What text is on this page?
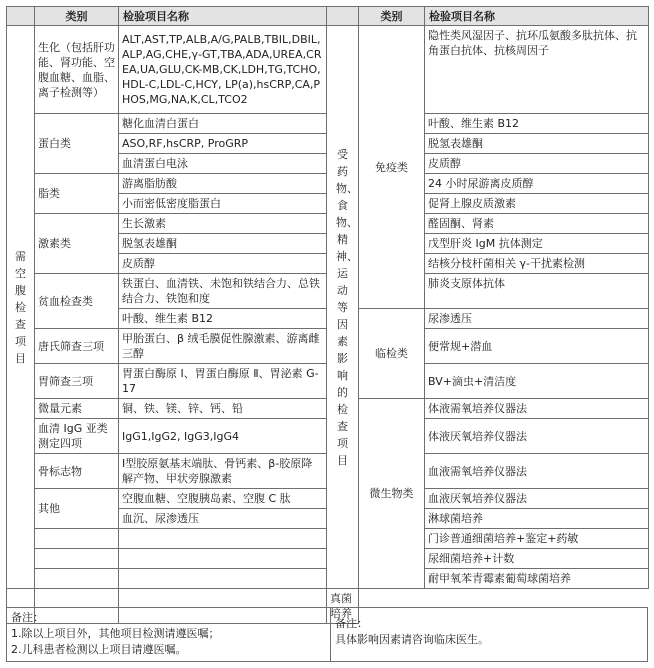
	类别	检验项目名称		类别	检验项目名称
需空腹检查项目	生化（包括肝功能、肾功能、空腹血糖、血脂、离子检测等）	ALT,AST,TP,ALB,A/G,PALB,TBIL,DBIL,ALP,AG,CHE,γ-GT,TBA,ADA,UREA,CREA,UA,GLU,CK-MB,CK,LDH,TG,TCHO,HDL-C,LDL-C,HCY, LP(a),hsCRP,CA,PHOS,MG,NA,K,CL,TCO2	受药物、食物、精神、运动等因素影响的检查项目	免疫类	隐性类风湿因子、抗环瓜氨酸多肽抗体、抗角蛋白抗体、抗核周因子
	蛋白类	糖化血清白蛋白			叶酸、维生素 B12
		ASO,RF,hsCRP, ProGRP			脱氢表雄酮
		血清蛋白电泳			皮质醇
	脂类	游离脂肪酸			24 小时尿游离皮质醇
		小而密低密度脂蛋白			促肾上腺皮质激素
	激素类	生长激素			醛固酮、肾素
		脱氢表雄酮			戊型肝炎 IgM 抗体测定
		皮质醇			结核分枝杆菌相关 γ-干扰素检测
	贫血检查类	铁蛋白、血清铁、未饱和铁结合力、总铁结合力、铁饱和度			肺炎支原体抗体
		叶酸、维生素 B12		临检类	尿渗透压
	唐氏筛查三项	甲胎蛋白、β 绒毛膜促性腺激素、游离雌三醇			便常规+潜血
	胃筛查三项	胃蛋白酶原 Ⅰ、胃蛋白酶原 Ⅱ、胃泌素 G-17			BV+滴虫+清洁度
	微量元素	铜、铁、镁、锌、钙、铅		微生物类	体液需氧培养仪器法
	血清 IgG 亚类测定四项	IgG1,IgG2, IgG3,IgG4			体液厌氧培养仪器法
	骨标志物	Ⅰ型胶原氨基末端肽、骨钙素、β-胶原降解产物、甲状旁腺激素			血液需氧培养仪器法
	其他	空腹血糖、空腹胰岛素、空腹 C 肽			血液厌氧培养仪器法
		血沉、尿渗透压			淋球菌培养
					门诊普通细菌培养+鉴定+药敏
					尿细菌培养+计数
					耐甲氧苯青霉素葡萄球菌培养
			真菌培养		
备注：
1.除以上项目外，其他项目检测请遵医嘱；
2.儿科患者检测以上项目请遵医嘱。
备注：
具体影响因素请咨询临床医生。
